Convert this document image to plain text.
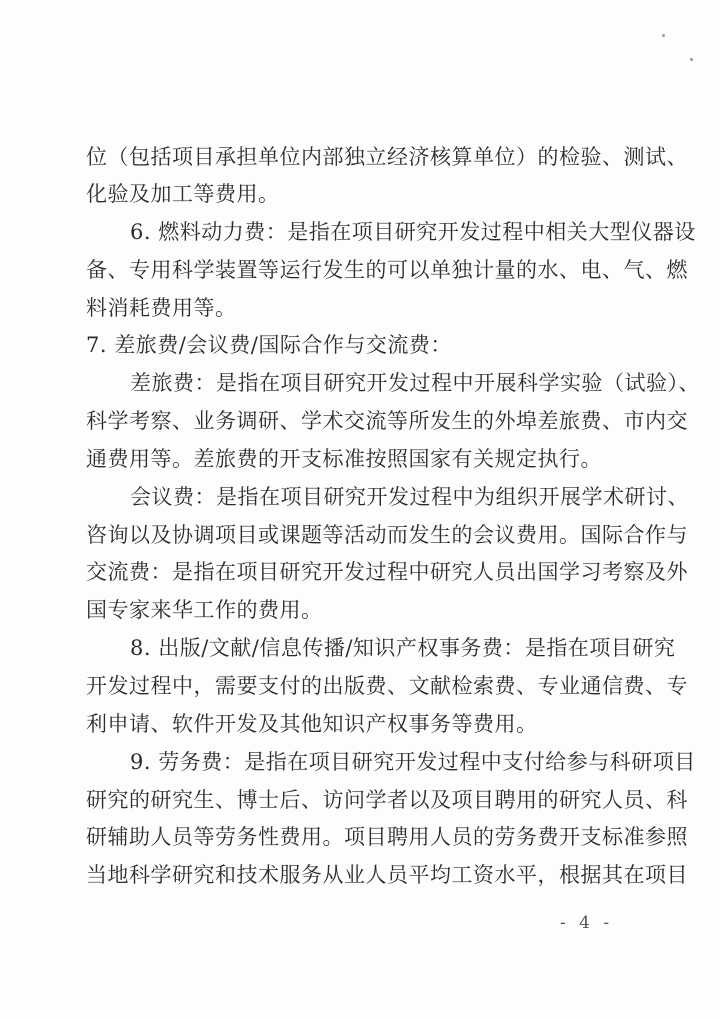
位（包括项目承担单位内部独立经济核算单位）的检验、测试、
化验及加工等费用。
6. 燃料动力费：是指在项目研究开发过程中相关大型仪器设
备、专用科学装置等运行发生的可以单独计量的水、电、气、燃
料消耗费用等。
7. 差旅费/会议费/国际合作与交流费：
差旅费：是指在项目研究开发过程中开展科学实验（试验）、
科学考察、业务调研、学术交流等所发生的外埠差旅费、市内交
通费用等。差旅费的开支标准按照国家有关规定执行。
会议费：是指在项目研究开发过程中为组织开展学术研讨、
咨询以及协调项目或课题等活动而发生的会议费用。国际合作与
交流费：是指在项目研究开发过程中研究人员出国学习考察及外
国专家来华工作的费用。
8. 出版/文献/信息传播/知识产权事务费：是指在项目研究
开发过程中，需要支付的出版费、文献检索费、专业通信费、专
利申请、软件开发及其他知识产权事务等费用。
9. 劳务费：是指在项目研究开发过程中支付给参与科研项目
研究的研究生、博士后、访问学者以及项目聘用的研究人员、科
研辅助人员等劳务性费用。项目聘用人员的劳务费开支标准参照
当地科学研究和技术服务从业人员平均工资水平，根据其在项目
- 4 -
